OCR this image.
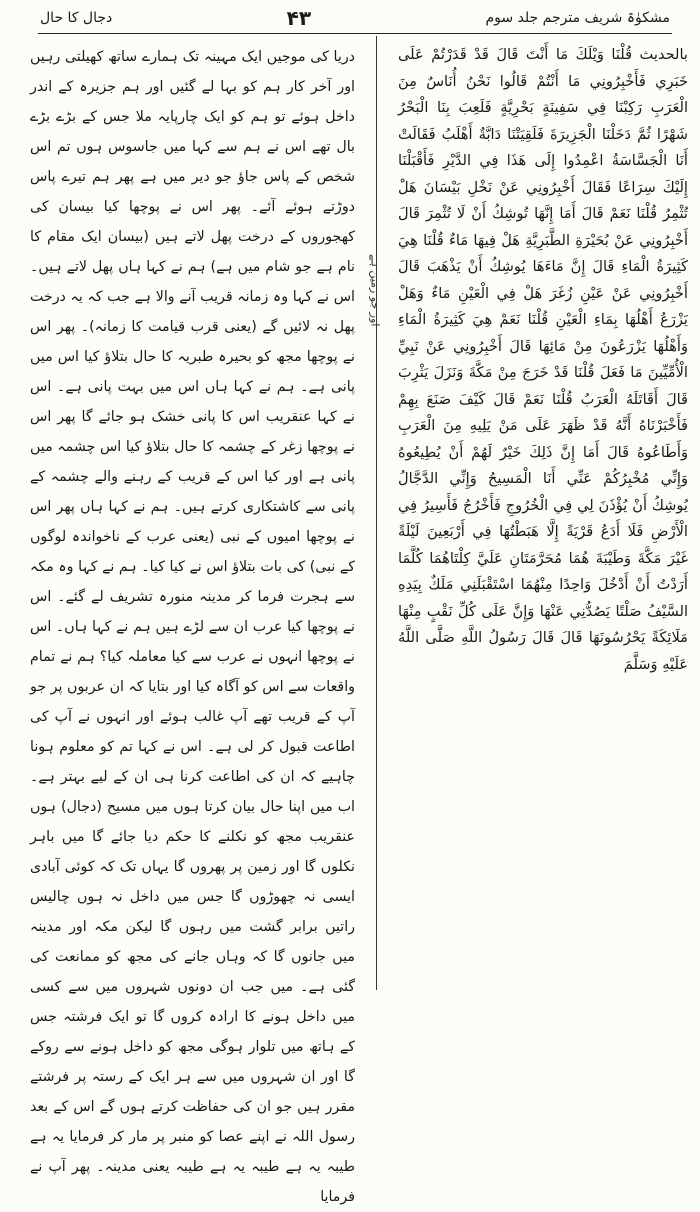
دجال کا حال	۴۳	مشکوٰۃ شریف مترجم جلد سوم

دریا کی موجیں ایک مہینہ تک ہمارے ساتھ کھیلتی رہیں اور آخر کار ہم کو بہا لے گئیں اور ہم جزیرہ کے اندر داخل ہوئے تو ہم کو ایک چارپایہ ملا جس کے بڑے بڑے بال تھے اس نے ہم سے کہا میں جاسوس ہوں تم اس شخص کے پاس جاؤ جو دیر میں ہے پھر ہم تیرے پاس دوڑتے ہوئے آئے۔ پھر اس نے پوچھا کیا بیسان کی کھجوروں کے درخت پھل لاتے ہیں (بیسان ایک مقام کا نام ہے جو شام میں ہے) ہم نے کہا ہاں پھل لاتے ہیں۔ اس نے کہا وہ زمانہ قریب آنے والا ہے جب کہ یہ درخت پھل نہ لائیں گے (یعنی قرب قیامت کا زمانہ)۔ پھر اس نے پوچھا مجھ کو بحیرہ طبریہ کا حال بتلاؤ کیا اس میں پانی ہے۔ ہم نے کہا ہاں اس میں بہت پانی ہے۔ اس نے کہا عنقریب اس کا پانی خشک ہو جائے گا پھر اس نے پوچھا زغر کے چشمہ کا حال بتلاؤ کیا اس چشمہ میں پانی ہے اور کیا اس کے قریب کے رہنے والے چشمہ کے پانی سے کاشتکاری کرتے ہیں۔ ہم نے کہا ہاں پھر اس نے پوچھا امیوں کے نبی (یعنی عرب کے ناخواندہ لوگوں کے نبی) کی بات بتلاؤ اس نے کیا کیا۔ ہم نے کہا وہ مکہ سے ہجرت فرما کر مدینہ منورہ تشریف لے گئے۔ اس نے پوچھا کیا عرب ان سے لڑے ہیں ہم نے کہا ہاں۔ اس نے پوچھا انہوں نے عرب سے کیا معاملہ کیا؟ ہم نے تمام واقعات سے اس کو آگاہ کیا اور بتایا کہ ان عربوں پر جو آپ کے قریب تھے آپ غالب ہوئے اور انہوں نے آپ کی اطاعت قبول کر لی ہے۔ اس نے کہا تم کو معلوم ہونا چاہیے کہ ان کی اطاعت کرنا ہی ان کے لیے بہتر ہے۔ اب میں اپنا حال بیان کرتا ہوں میں مسیح (دجال) ہوں عنقریب مجھ کو نکلنے کا حکم دیا جائے گا میں باہر نکلوں گا اور زمین پر پھروں گا یہاں تک کہ کوئی آبادی ایسی نہ چھوڑوں گا جس میں داخل نہ ہوں چالیس راتیں برابر گشت میں رہوں گا لیکن مکہ اور مدینہ میں جانوں گا کہ وہاں جانے کی مجھ کو ممانعت کی گئی ہے۔ میں جب ان دونوں شہروں میں سے کسی میں داخل ہونے کا ارادہ کروں گا تو ایک فرشتہ جس کے ہاتھ میں تلوار ہوگی مجھ کو داخل ہونے سے روکے گا اور ان شہروں میں سے ہر ایک کے رستہ پر فرشتے مقرر ہیں جو ان کی حفاظت کرتے ہوں گے اس کے بعد رسول اللہ نے اپنے عصا کو منبر پر مار کر فرمایا یہ ہے طیبہ یہ ہے طیبہ یہ ہے طیبہ یعنی مدینہ۔ پھر آپ نے فرمایا

اور جو زمین ہے

بالحدیث قُلْنَا وَیْلَكَ مَا أَنْتَ قَالَ قَدْ قَدَرْتُمْ عَلَى خَبَرِي فَأَخْبِرُونِي مَا أَنْتُمْ قَالُوا نَحْنُ أُنَاسٌ مِنَ الْعَرَبِ رَكِبْنَا فِي سَفِينَةٍ بَحْرِيَّةٍ فَلَعِبَ بِنَا الْبَحْرُ شَهْرًا ثُمَّ دَخَلْنَا الْجَزِيرَةَ فَلَقِيَتْنَا دَابَّةٌ أَهْلَبُ فَقَالَتْ أَنَا الْجَسَّاسَةُ اعْمِدُوا إِلَى هَذَا فِي الدَّيْرِ فَأَقْبَلْنَا إِلَيْكَ سِرَاعًا فَقَالَ أَخْبِرُونِي عَنْ نَخْلِ بَيْسَانَ هَلْ تُثْمِرُ قُلْنَا نَعَمْ قَالَ أَمَا إِنَّهَا تُوشِكُ أَنْ لَا تُثْمِرَ قَالَ أَخْبِرُونِي عَنْ بُحَيْرَةِ الطَّبَرِيَّةِ هَلْ فِيهَا مَاءٌ قُلْنَا هِيَ كَثِيرَةُ الْمَاءِ قَالَ إِنَّ مَاءَهَا يُوشِكُ أَنْ يَذْهَبَ قَالَ أَخْبِرُونِي عَنْ عَيْنِ زُغَرَ هَلْ فِي الْعَيْنِ مَاءٌ وَهَلْ يَزْرَعُ أَهْلُهَا بِمَاءِ الْعَيْنِ قُلْنَا نَعَمْ هِيَ كَثِيرَةُ الْمَاءِ وَأَهْلُهَا يَزْرَعُونَ مِنْ مَائِهَا قَالَ أَخْبِرُونِي عَنْ نَبِيِّ الْأُمِّيِّينَ مَا فَعَلَ قُلْنَا قَدْ خَرَجَ مِنْ مَكَّةَ وَنَزَلَ يَثْرِبَ قَالَ أَقَاتَلَهُ الْعَرَبُ قُلْنَا نَعَمْ قَالَ كَيْفَ صَنَعَ بِهِمْ فَأَخْبَرْنَاهُ أَنَّهُ قَدْ ظَهَرَ عَلَى مَنْ يَلِيهِ مِنَ الْعَرَبِ وَأَطَاعُوهُ قَالَ أَمَا إِنَّ ذَلِكَ خَيْرٌ لَهُمْ أَنْ يُطِيعُوهُ وَإِنِّي مُخْبِرُكُمْ عَنِّي أَنَا الْمَسِيحُ وَإِنِّي الدَّجَّالُ يُوشِكُ أَنْ يُؤْذَنَ لِي فِي الْخُرُوجِ فَأَخْرُجُ فَأَسِيرُ فِي الْأَرْضِ فَلَا أَدَعُ قَرْيَةً إِلَّا هَبَطْتُهَا فِي أَرْبَعِينَ لَيْلَةً غَيْرَ مَكَّةَ وَطَيْبَةَ هُمَا مُحَرَّمَتَانِ عَلَيَّ كِلْتَاهُمَا كُلَّمَا أَرَدْتُ أَنْ أَدْخُلَ وَاحِدًا مِنْهُمَا اسْتَقْبَلَنِي مَلَكٌ بِيَدِهِ السَّيْفُ صَلْتًا يَصُدُّنِي عَنْهَا وَإِنَّ عَلَى كُلِّ نَقْبٍ مِنْهَا مَلَائِكَةً يَحْرُسُونَهَا قَالَ قَالَ رَسُولُ اللَّهِ صَلَّى اللَّهُ عَلَيْهِ وَسَلَّمَ
